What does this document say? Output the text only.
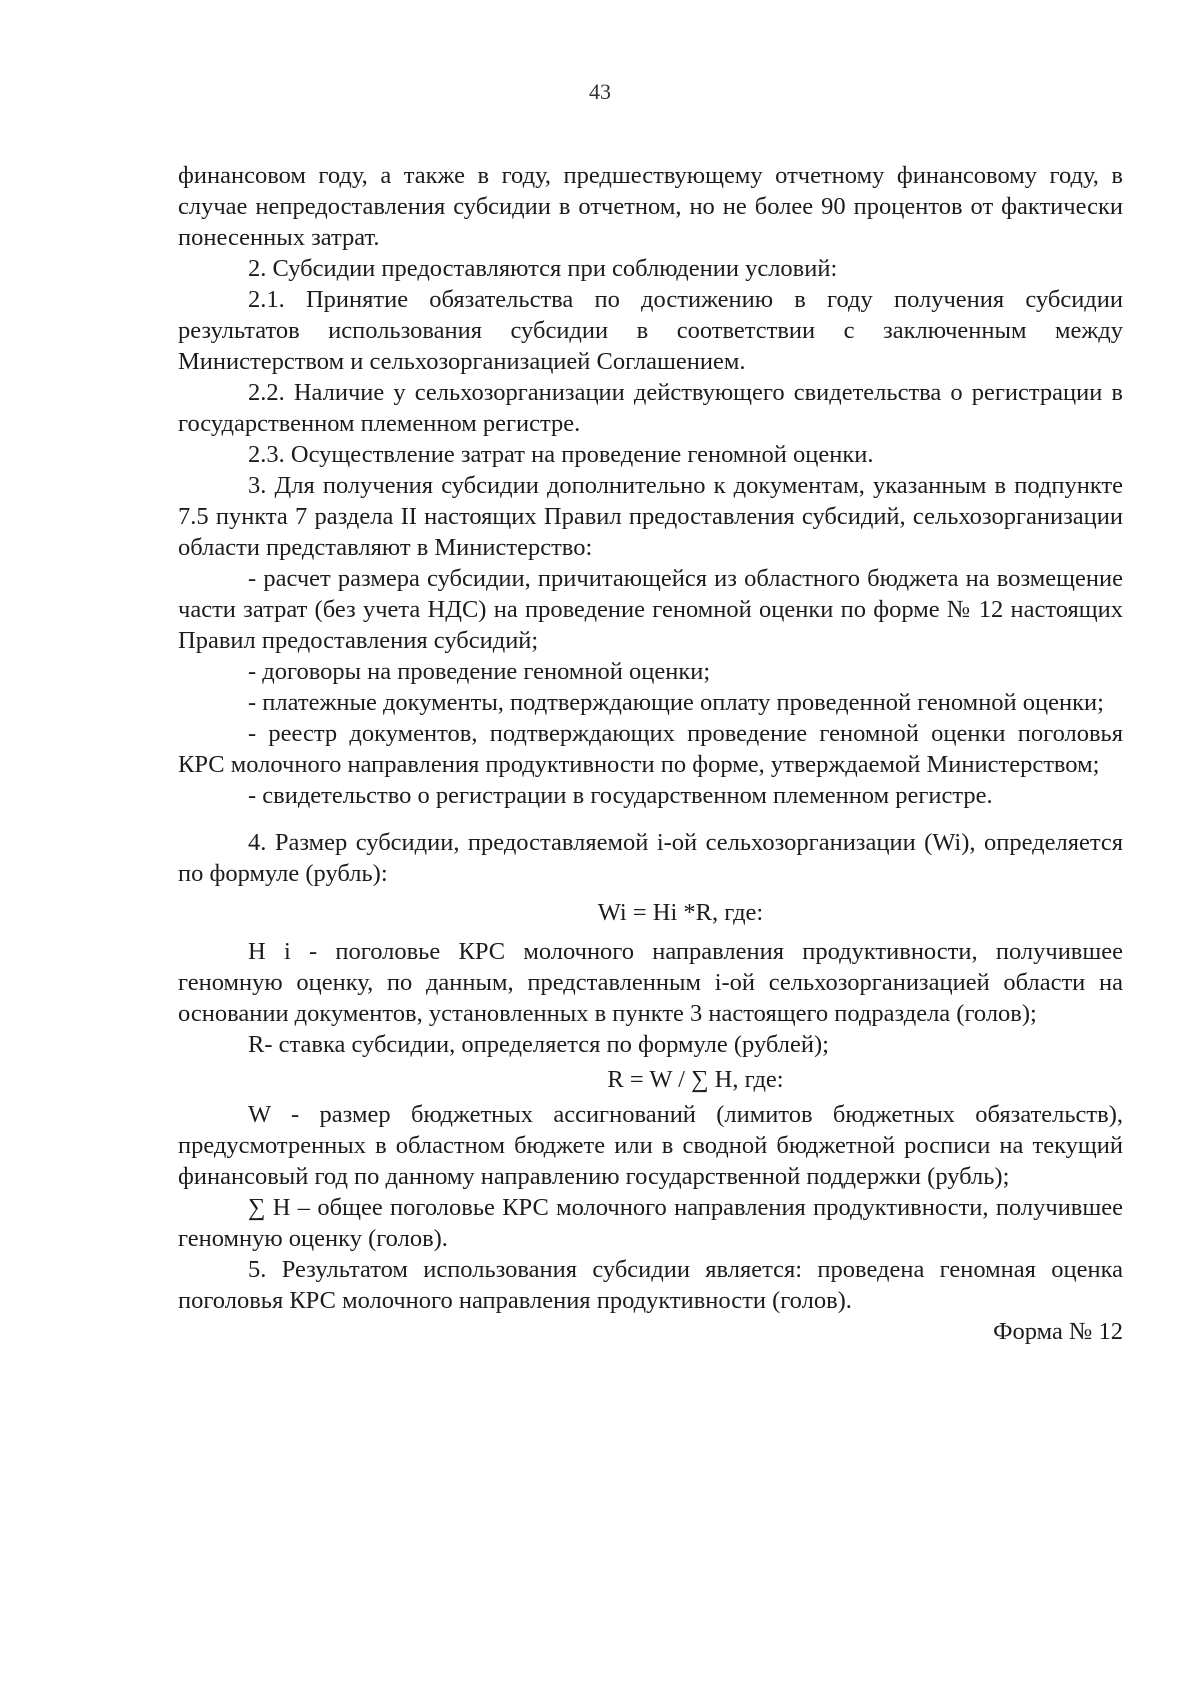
43

финансовом году, а также в году, предшествующему отчетному финансовому году, в случае непредоставления субсидии в отчетном, но не более 90 процентов от фактически понесенных затрат.

2. Субсидии предоставляются при соблюдении условий:

2.1. Принятие обязательства по достижению в году получения субсидии результатов использования субсидии в соответствии с заключенным между Министерством и сельхозорганизацией Соглашением.

2.2. Наличие у сельхозорганизации действующего свидетельства о регистрации в государственном племенном регистре.

2.3. Осуществление затрат на проведение геномной оценки.

3. Для получения субсидии дополнительно к документам, указанным в подпункте 7.5 пункта 7 раздела II настоящих Правил предоставления субсидий, сельхозорганизации области представляют в Министерство:

- расчет размера субсидии, причитающейся из областного бюджета на возмещение части затрат (без учета НДС) на проведение геномной оценки по форме № 12 настоящих Правил предоставления субсидий;

- договоры на проведение геномной оценки;

- платежные документы, подтверждающие оплату проведенной геномной оценки;

- реестр документов, подтверждающих проведение геномной оценки поголовья КРС молочного направления продуктивности по форме, утверждаемой Министерством;

- свидетельство о регистрации в государственном племенном регистре.

4. Размер субсидии, предоставляемой i-ой сельхозорганизации (Wi), определяется по формуле (рубль):

Wi = Hi *R, где:

H i - поголовье КРС молочного направления продуктивности, получившее геномную оценку, по данным, представленным i-ой сельхозорганизацией области на основании документов, установленных в пункте 3 настоящего подраздела (голов);

R- ставка субсидии, определяется по формуле (рублей);

R = W / ∑ H, где:

W - размер бюджетных ассигнований (лимитов бюджетных обязательств), предусмотренных в областном бюджете или в сводной бюджетной росписи на текущий финансовый год по данному направлению государственной поддержки (рубль);

∑ H – общее поголовье КРС молочного направления продуктивности, получившее геномную оценку (голов).

5. Результатом использования субсидии является: проведена геномная оценка поголовья КРС молочного направления продуктивности (голов).

Форма № 12
